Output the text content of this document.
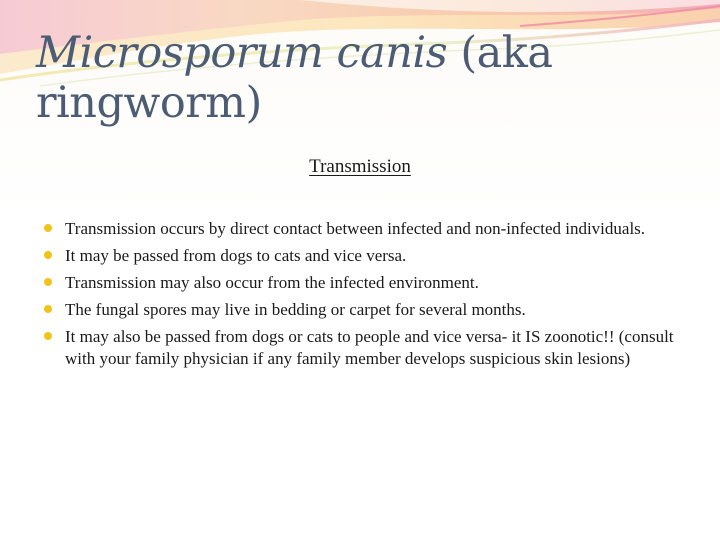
Microsporum canis (aka
ringworm)
Transmission
Transmission occurs by direct contact between infected and non-infected individuals.
It may be passed from dogs to cats and vice versa.
Transmission may also occur from the infected environment.
The fungal spores may live in bedding or carpet for several months.
It may also be passed from dogs or cats to people and vice versa- it IS zoonotic!! (consult with your family physician if any family member develops suspicious skin lesions)
